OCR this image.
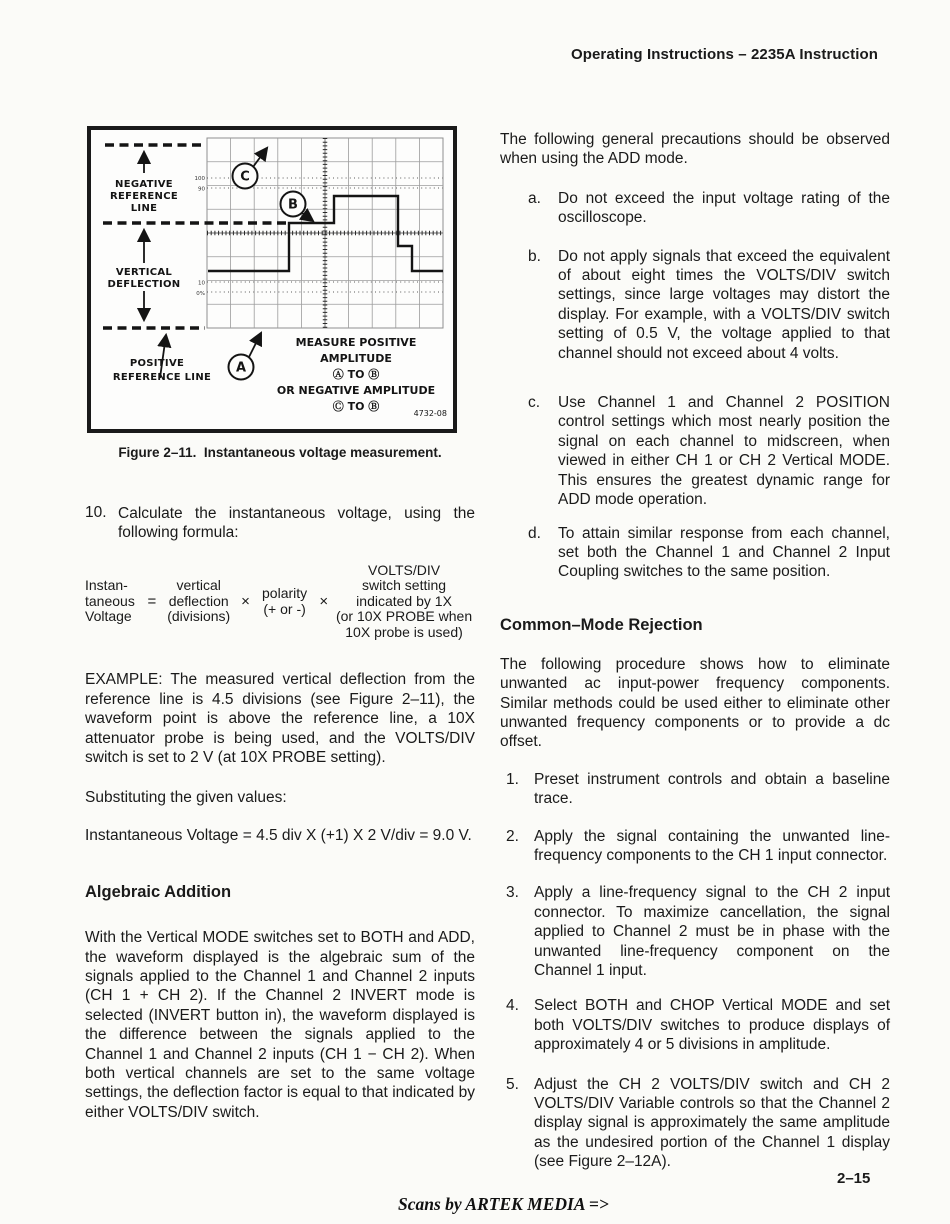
Operating Instructions – 2235A Instruction
100
90
10
0%
NEGATIVE
REFERENCE
LINE
VERTICAL
DEFLECTION
POSITIVE
REFERENCE LINE
C
B
A
MEASURE POSITIVE
AMPLITUDE
Ⓐ TO Ⓑ
OR NEGATIVE AMPLITUDE
Ⓒ TO Ⓑ
4732-08
Figure 2–11.  Instantaneous voltage measurement.
10. Calculate the instantaneous voltage, using the following formula:
Instan-
taneous
Voltage
=
vertical
deflection
(divisions)
× polarity
(+ or -) ×
VOLTS/DIV
switch setting
indicated by 1X
(or 10X PROBE when
10X probe is used)

EXAMPLE: The measured vertical deflection from the reference line is 4.5 divisions (see Figure 2–11), the waveform point is above the reference line, a 10X attenuator probe is being used, and the VOLTS/DIV switch is set to 2 V (at 10X PROBE setting).

Substituting the given values:

Instantaneous Voltage = 4.5 div X (+1) X 2 V/div = 9.0 V.

Algebraic Addition

With the Vertical MODE switches set to BOTH and ADD, the waveform displayed is the algebraic sum of the signals applied to the Channel 1 and Channel 2 inputs (CH 1 + CH 2). If the Channel 2 INVERT mode is selected (INVERT button in), the waveform displayed is the difference between the signals applied to the Channel 1 and Channel 2 inputs (CH 1 − CH 2). When both vertical channels are set to the same voltage settings, the deflection factor is equal to that indicated by either VOLTS/DIV switch.

The following general precautions should be observed when using the ADD mode.

a.	Do not exceed the input voltage rating of the oscilloscope.
b.	Do not apply signals that exceed the equivalent of about eight times the VOLTS/DIV switch settings, since large voltages may distort the display. For example, with a VOLTS/DIV switch setting of 0.5 V, the voltage applied to that channel should not exceed about 4 volts.
c.	Use Channel 1 and Channel 2 POSITION control settings which most nearly position the signal on each channel to midscreen, when viewed in either CH 1 or CH 2 Vertical MODE. This ensures the greatest dynamic range for ADD mode operation.
d.	To attain similar response from each channel, set both the Channel 1 and Channel 2 Input Coupling switches to the same position.
Common–Mode Rejection

The following procedure shows how to eliminate unwanted ac input-power frequency components. Similar methods could be used either to eliminate other unwanted frequency components or to provide a dc offset.

1. Preset instrument controls and obtain a baseline trace.
2. Apply the signal containing the unwanted line-frequency components to the CH 1 input connector.
3. Apply a line-frequency signal to the CH 2 input connector. To maximize cancellation, the signal applied to Channel 2 must be in phase with the unwanted line-frequency component on the Channel 1 input.
4. Select BOTH and CHOP Vertical MODE and set both VOLTS/DIV switches to produce displays of approximately 4 or 5 divisions in amplitude.
5. Adjust the CH 2 VOLTS/DIV switch and CH 2 VOLTS/DIV Variable controls so that the Channel 2 display signal is approximately the same amplitude as the undesired portion of the Channel 1 display (see Figure 2–12A).
2–15
Scans by ARTEK MEDIA =>
